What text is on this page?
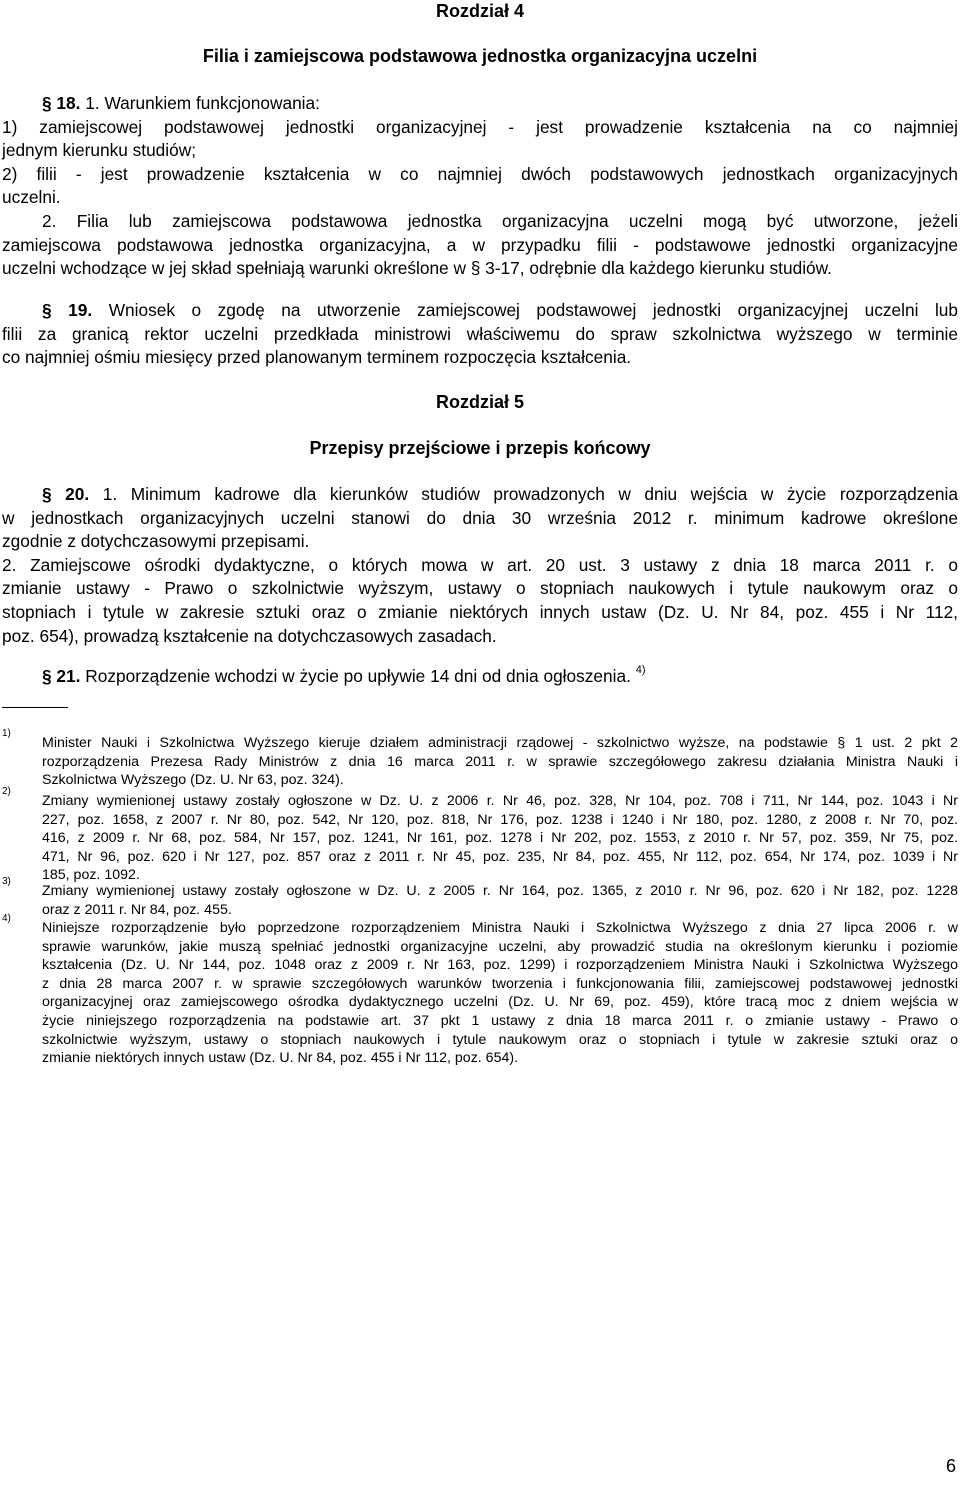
Rozdział 4
Filia i zamiejscowa podstawowa jednostka organizacyjna uczelni
§ 18. 1. Warunkiem funkcjonowania:
1) zamiejscowej podstawowej jednostki organizacyjnej - jest prowadzenie kształcenia na co najmniej
jednym kierunku studiów;
2) filii - jest prowadzenie kształcenia w co najmniej dwóch podstawowych jednostkach organizacyjnych
uczelni.
2. Filia lub zamiejscowa podstawowa jednostka organizacyjna uczelni mogą być utworzone, jeżeli
zamiejscowa podstawowa jednostka organizacyjna, a w przypadku filii - podstawowe jednostki organizacyjne
uczelni wchodzące w jej skład spełniają warunki określone w § 3-17, odrębnie dla każdego kierunku studiów.
§ 19. Wniosek o zgodę na utworzenie zamiejscowej podstawowej jednostki organizacyjnej uczelni lub
filii za granicą rektor uczelni przedkłada ministrowi właściwemu do spraw szkolnictwa wyższego w terminie
co najmniej ośmiu miesięcy przed planowanym terminem rozpoczęcia kształcenia.
Rozdział 5
Przepisy przejściowe i przepis końcowy
§ 20. 1. Minimum kadrowe dla kierunków studiów prowadzonych w dniu wejścia w życie rozporządzenia
w jednostkach organizacyjnych uczelni stanowi do dnia 30 września 2012 r. minimum kadrowe określone
zgodnie z dotychczasowymi przepisami.
2. Zamiejscowe ośrodki dydaktyczne, o których mowa w art. 20 ust. 3 ustawy z dnia 18 marca 2011 r. o
zmianie ustawy - Prawo o szkolnictwie wyższym, ustawy o stopniach naukowych i tytule naukowym oraz o
stopniach i tytule w zakresie sztuki oraz o zmianie niektórych innych ustaw (Dz. U. Nr 84, poz. 455 i Nr 112,
poz. 654), prowadzą kształcenie na dotychczasowych zasadach.
§ 21. Rozporządzenie wchodzi w życie po upływie 14 dni od dnia ogłoszenia. $^{4)}$
1)
Minister Nauki i Szkolnictwa Wyższego kieruje działem administracji rządowej - szkolnictwo wyższe, na podstawie § 1 ust. 2 pkt 2
rozporządzenia Prezesa Rady Ministrów z dnia 16 marca 2011 r. w sprawie szczegółowego zakresu działania Ministra Nauki i
Szkolnictwa Wyższego (Dz. U. Nr 63, poz. 324).
2)
Zmiany wymienionej ustawy zostały ogłoszone w Dz. U. z 2006 r. Nr 46, poz. 328, Nr 104, poz. 708 i 711, Nr 144, poz. 1043 i Nr
227, poz. 1658, z 2007 r. Nr 80, poz. 542, Nr 120, poz. 818, Nr 176, poz. 1238 i 1240 i Nr 180, poz. 1280, z 2008 r. Nr 70, poz.
416, z 2009 r. Nr 68, poz. 584, Nr 157, poz. 1241, Nr 161, poz. 1278 i Nr 202, poz. 1553, z 2010 r. Nr 57, poz. 359, Nr 75, poz.
471, Nr 96, poz. 620 i Nr 127, poz. 857 oraz z 2011 r. Nr 45, poz. 235, Nr 84, poz. 455, Nr 112, poz. 654, Nr 174, poz. 1039 i Nr
185, poz. 1092.
3)
Zmiany wymienionej ustawy zostały ogłoszone w Dz. U. z 2005 r. Nr 164, poz. 1365, z 2010 r. Nr 96, poz. 620 i Nr 182, poz. 1228
oraz z 2011 r. Nr 84, poz. 455.
4)
Niniejsze rozporządzenie było poprzedzone rozporządzeniem Ministra Nauki i Szkolnictwa Wyższego z dnia 27 lipca 2006 r. w
sprawie warunków, jakie muszą spełniać jednostki organizacyjne uczelni, aby prowadzić studia na określonym kierunku i poziomie
kształcenia (Dz. U. Nr 144, poz. 1048 oraz z 2009 r. Nr 163, poz. 1299) i rozporządzeniem Ministra Nauki i Szkolnictwa Wyższego
z dnia 28 marca 2007 r. w sprawie szczegółowych warunków tworzenia i funkcjonowania filii, zamiejscowej podstawowej jednostki
organizacyjnej oraz zamiejscowego ośrodka dydaktycznego uczelni (Dz. U. Nr 69, poz. 459), które tracą moc z dniem wejścia w
życie niniejszego rozporządzenia na podstawie art. 37 pkt 1 ustawy z dnia 18 marca 2011 r. o zmianie ustawy - Prawo o
szkolnictwie wyższym, ustawy o stopniach naukowych i tytule naukowym oraz o stopniach i tytule w zakresie sztuki oraz o
zmianie niektórych innych ustaw (Dz. U. Nr 84, poz. 455 i Nr 112, poz. 654).
6
